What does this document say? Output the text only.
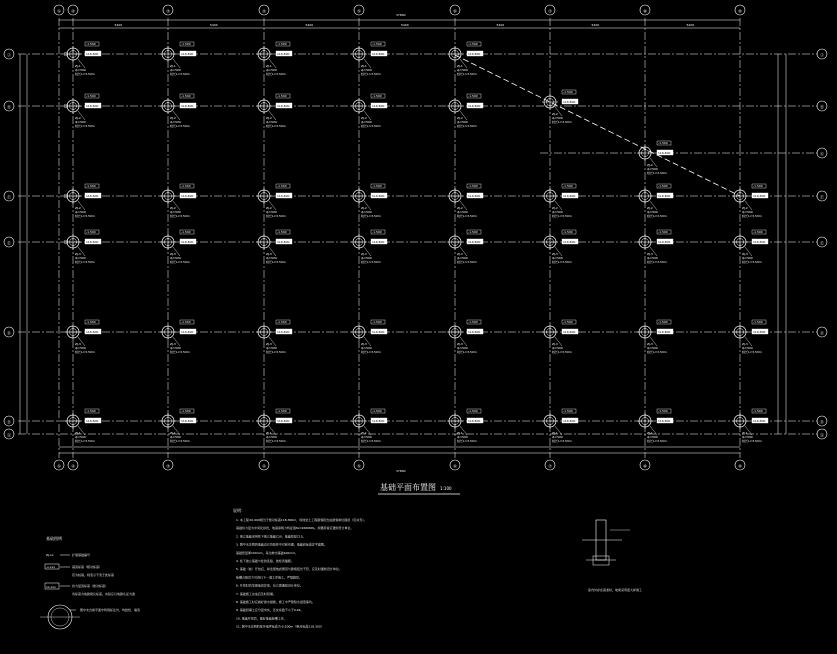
5400	5400	5400	5400	5400	5400	5400
-1.500
116.800
ZJ-1
ф=500
桩长L=3.50m
-1.500
116.800
ZJ-1
ф=500
桩长L=3.50m
-1.500
116.800
ZJ-1
ф=500
桩长L=3.50m
-1.500
116.800
ZJ-1
ф=500
桩长L=3.50m
-1.500
116.800
ZJ-1
ф=500
桩长L=3.50m
-1.500
116.800
ZJ-2
ф=500
桩长L=3.50m
-1.500
116.800
ZJ-2
ф=500
桩长L=3.50m
-1.500
116.800
ZJ-2
ф=500
桩长L=3.50m
-1.500
116.800
ZJ-2
ф=500
桩长L=3.50m
-1.500
116.800
ZJ-2
ф=500
桩长L=3.50m
-1.500
116.800
ZJ-2
ф=500
桩长L=3.50m
-1.500
116.800
ZJ-2
ф=500
桩长L=3.50m
-1.500
116.800
ZJ-2
ф=500
桩长L=3.50m
-1.500
116.800
ZJ-2
ф=500
桩长L=3.50m
-1.500
116.800
ZJ-2
ф=500
桩长L=3.50m
-1.500
116.800
ZJ-2
ф=500
桩长L=3.50m
-1.500
116.800
ZJ-2
ф=500
桩长L=3.50m
-1.500
116.800
ZJ-2
ф=500
桩长L=3.50m
-1.500
116.800
ZJ-3
ф=500
桩长L=3.50m
-1.500
116.800
ZJ-3
ф=500
桩长L=3.50m
-1.500
116.800
ZJ-3
ф=500
桩长L=3.50m
-1.500
116.800
ZJ-3
ф=500
桩长L=3.50m
-1.500
116.800
ZJ-3
ф=500
桩长L=3.50m
-1.500
116.800
ZJ-3
ф=500
桩长L=3.50m
-1.500
116.800
ZJ-3
ф=500
桩长L=3.50m
-1.500
116.800
ZJ-3
ф=500
桩长L=3.50m
-1.500
116.800
ZJ-3
ф=500
桩长L=3.50m
-1.500
116.800
ZJ-3
ф=500
桩长L=3.50m
-1.500
116.800
ZJ-3
ф=500
桩长L=3.50m
-1.500
116.800
ZJ-3
ф=500
桩长L=3.50m
-1.500
116.800
ZJ-3
ф=500
桩长L=3.50m
-1.500
116.800
ZJ-3
ф=500
桩长L=3.50m
-1.500
116.800
ZJ-3
ф=500
桩长L=3.50m
-1.500
116.800
ZJ-3
ф=500
桩长L=3.50m
-1.500
116.800
ZJ-1
ф=500
桩长L=3.50m
-1.500
116.800
ZJ-1
ф=500
桩长L=3.50m
-1.500
116.800
ZJ-1
ф=500
桩长L=3.50m
-1.500
116.800
ZJ-1
ф=500
桩长L=3.50m
-1.500
116.800
ZJ-1
ф=500
桩长L=3.50m
-1.500
116.800
ZJ-1
ф=500
桩长L=3.50m
-1.500
116.800
ZJ-1
ф=500
桩长L=3.50m
-1.500
116.800
ZJ-1
ф=500
桩长L=3.50m
-1.500
116.800
ZJ-2
ф=500
桩长L=3.50m
-1.500
116.800
ZJ-2
ф=500
桩长L=3.50m
①
①
②
②
③
③
④
④
⑤
⑤
⑥
⑥
⑦
⑦
⑧
⑧
⑨
⑨
Ⓙ	Ⓙ
Ⓗ	Ⓗ
Ⓖ
Ⓕ	Ⓕ
Ⓔ	Ⓔ
Ⓓ	Ⓓ
Ⓑ	Ⓑ
Ⓐ	Ⓐ
基础平面布置图 1:100
37800
37800
基础图例
ZJ-xx	扩展基础编号
-x.xxx	基顶标高（相对标高）
若为桩基，则表示不表于此标高
xx.xxx	持力层顶标高（绝对标高）
该标高为地勘建议标高，实际应以地勘认证为准
图中未自前平面中特别标注外，均按柱、墙表
说明：
1. 本工程±0.000相当于绝对标高118.300m，场地岩土工程勘察报告由勘察单位提供（见补充）。
基础持力层为中风化砂岩，地基承载力特征值fa=2600KPa，如遇异常应通知设计单位。
2. 独立基础采用柱下独立基础C30，基础垫层C15。
3. 图中未注明的基础边长均按柱中对称布置，基础底标高详平面图。
基础垫层厚100mm，每边伸出基础100mm。
4. 柱下独立基础与柱的连接，按柱表插筋。
5. 基础（桩）开挖后，如发现地质情况与勘察报告不符，应及时通知设计单位。
验槽合格后方可进行下一道工序施工，严禁超挖。
6. 开挖时若发现地质异常，应立即通知设计单位。
7. 基础施工完成后及时回填。
8. 基础施工时应做好排水措施，施工中严禁积水浸泡基坑。
9. 基础回填土应分层夯实，压实系数不小于0.94。
10. 基础开挖后，做好基础验槽工作。
11. 图中未注明的室外地坪标高为-0.500m（绝对标高118.300）
室内外存在高差时，地梁采用混大杯施工
